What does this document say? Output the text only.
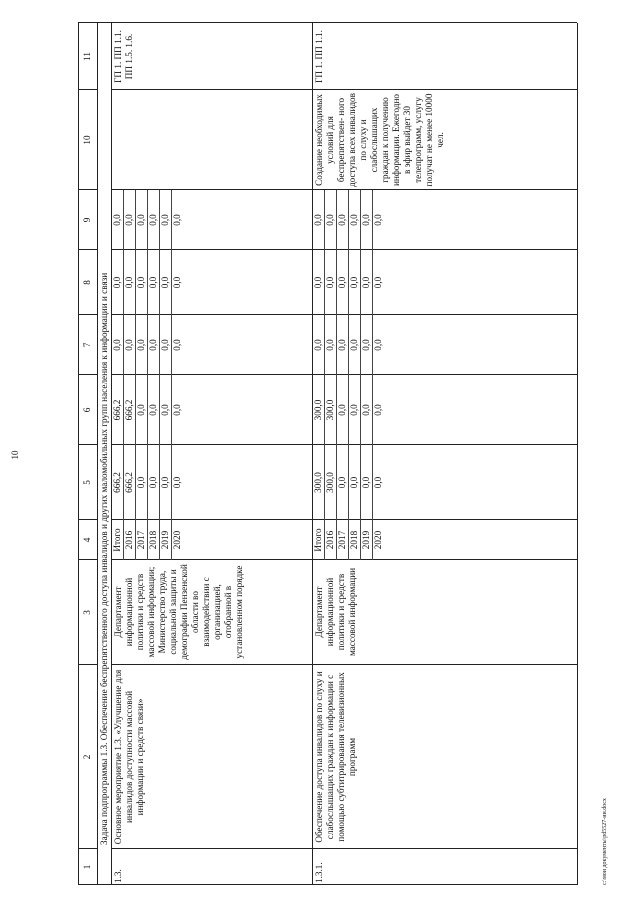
10
c:\мои документы\pd5527-ии.docx
1
2
3
4
5
6
7
8
9
10
11
Задача подпрограммы 1.3. Обеспечение беспрепятственного доступа инвалидов и других маломобильных групп населения к информации и связи
1.3.
Основное мероприятие 1.3. «Улучшение для инвалидов доступности массовой информации и средств связи»
Департамент информационной политики и средств массовой информации; Министерство труда, социальной защиты и демографии Пензенской области во взаимодействии с организацией, отобранной в установленном порядке
Итого 2016 2017 2018 2019 2020
666,2 666,2 0,0 0,0 0,0 0,0
666,2 666,2 0,0 0,0 0,0 0,0
0,0 0,0 0,0 0,0 0,0 0,0
0,0 0,0 0,0 0,0 0,0 0,0
0,0 0,0 0,0 0,0 0,0 0,0
ГП 1. ПП 1.1. ПП 1.5. 1.6.
1.3.1.
Обеспечение доступа инвалидов по слуху и слабослышащих граждан к информации с помощью субтитрирования телевизионных программ
Департамент информационной политики и средств массовой информации
Итого 2016 2017 2018 2019 2020
300,0 300,0 0,0 0,0 0,0 0,0
300,0 300,0 0,0 0,0 0,0 0,0
0,0 0,0 0,0 0,0 0,0 0,0
0,0 0,0 0,0 0,0 0,0 0,0
0,0 0,0 0,0 0,0 0,0 0,0
Создание необходимых условий для беспрепятствен- ного доступа всех инвалидов по слуху и слабослышащих граждан к получению информации. Ежегодно в эфир выйдет 30 телепрограмм, услугу получат не менее 10000 чел.
ГП 1. ПП 1.1.
